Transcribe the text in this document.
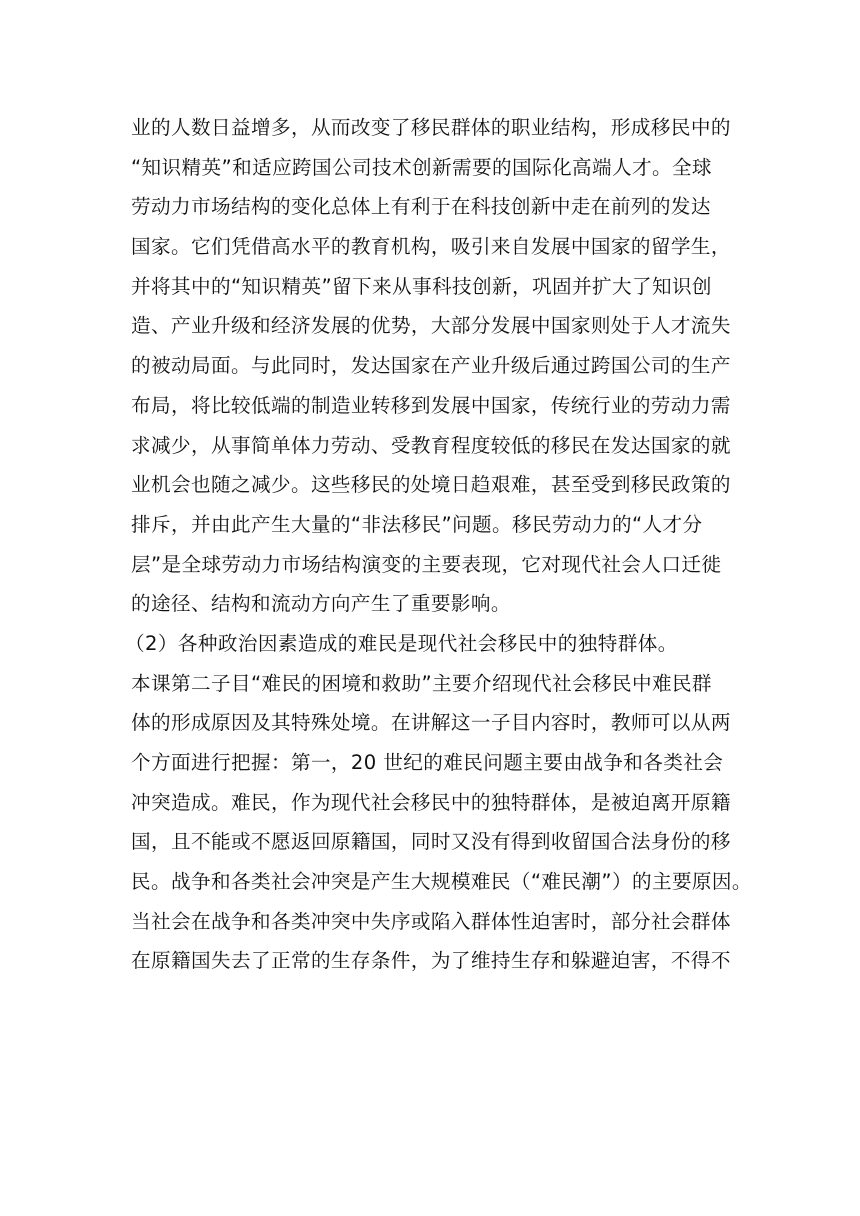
业的人数日益增多，从而改变了移民群体的职业结构，形成移民中的
“知识精英”和适应跨国公司技术创新需要的国际化高端人才。全球
劳动力市场结构的变化总体上有利于在科技创新中走在前列的发达
国家。它们凭借高水平的教育机构，吸引来自发展中国家的留学生，
并将其中的“知识精英”留下来从事科技创新，巩固并扩大了知识创
造、产业升级和经济发展的优势，大部分发展中国家则处于人才流失
的被动局面。与此同时，发达国家在产业升级后通过跨国公司的生产
布局，将比较低端的制造业转移到发展中国家，传统行业的劳动力需
求减少，从事简单体力劳动、受教育程度较低的移民在发达国家的就
业机会也随之减少。这些移民的处境日趋艰难，甚至受到移民政策的
排斥，并由此产生大量的“非法移民”问题。移民劳动力的“人才分
层”是全球劳动力市场结构演变的主要表现，它对现代社会人口迁徙
的途径、结构和流动方向产生了重要影响。
（2）各种政治因素造成的难民是现代社会移民中的独特群体。
本课第二子目“难民的困境和救助”主要介绍现代社会移民中难民群
体的形成原因及其特殊处境。在讲解这一子目内容时，教师可以从两
个方面进行把握：第一，20 世纪的难民问题主要由战争和各类社会
冲突造成。难民，作为现代社会移民中的独特群体，是被迫离开原籍
国，且不能或不愿返回原籍国，同时又没有得到收留国合法身份的移
民。战争和各类社会冲突是产生大规模难民（“难民潮”）的主要原因。
当社会在战争和各类冲突中失序或陷入群体性迫害时，部分社会群体
在原籍国失去了正常的生存条件，为了维持生存和躲避迫害，不得不
